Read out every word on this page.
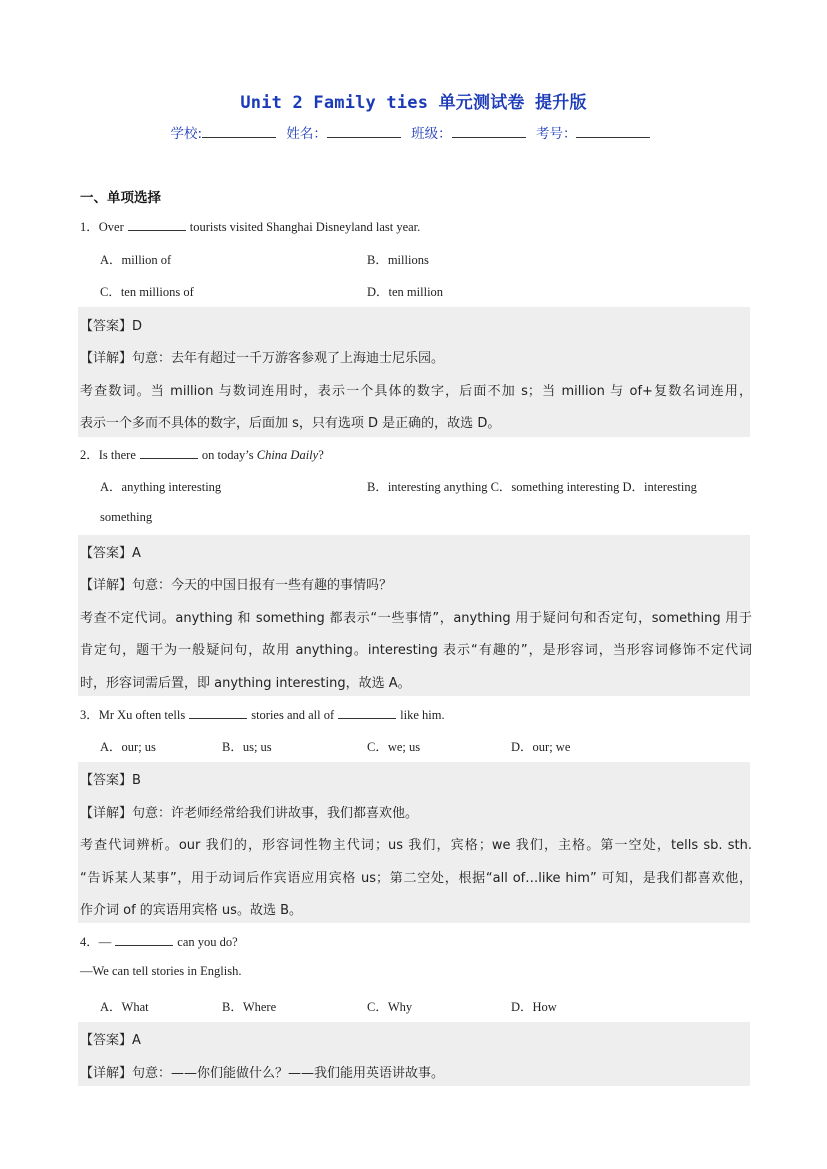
Unit 2 Family ties 单元测试卷 提升版
学校:	姓名：	班级：	考号：
一、单项选择
1．Over	tourists visited Shanghai Disneyland last year.
A．million of	B．millions
C．ten millions of	D．ten million
【答案】D
【详解】句意：去年有超过一千万游客参观了上海迪士尼乐园。
考查数词。当 million 与数词连用时，表示一个具体的数字，后面不加 s；当 million 与 of+复数名词连用，
表示一个多而不具体的数字，后面加 s，只有选项 D 是正确的，故选 D。
2．Is there	on today’s China Daily?
A．anything interesting	B．interesting anything C．something interesting D．interesting
something
【答案】A
【详解】句意：今天的中国日报有一些有趣的事情吗？
考查不定代词。anything 和 something 都表示“一些事情”，anything 用于疑问句和否定句，something 用于
肯定句，题干为一般疑问句，故用 anything。interesting 表示“有趣的”，是形容词，当形容词修饰不定代词
时，形容词需后置，即 anything interesting，故选 A。
3．Mr Xu often tells	stories and all of	like him.
A．our; us	B．us; us	C．we; us	D．our; we
【答案】B
【详解】句意：许老师经常给我们讲故事，我们都喜欢他。
考查代词辨析。our 我们的，形容词性物主代词；us 我们，宾格；we 我们，主格。第一空处，tells sb. sth.
“告诉某人某事”，用于动词后作宾语应用宾格 us；第二空处，根据“all of…like him” 可知，是我们都喜欢他，
作介词 of 的宾语用宾格 us。故选 B。
4．—	can you do?
—We can tell stories in English.
A．What	B．Where	C．Why	D．How
【答案】A
【详解】句意：——你们能做什么？——我们能用英语讲故事。
